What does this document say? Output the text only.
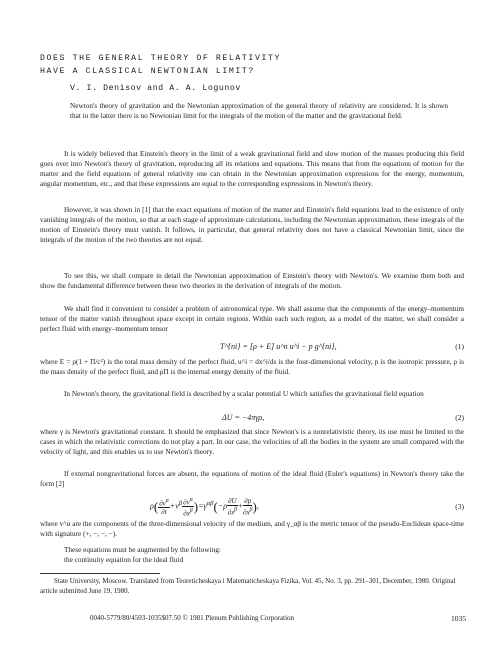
DOES THE GENERAL THEORY OF RELATIVITY
HAVE A CLASSICAL NEWTONIAN LIMIT?
V. I. Denisov and A. A. Logunov

Newton's theory of gravitation and the Newtonian approximation of the general theory of relativity are considered. It is shown that in the latter there is no Newtonian limit for the integrals of the motion of the matter and the gravitational field.

It is widely believed that Einstein's theory in the limit of a weak gravitational field and slow motion of the masses producing this field goes over into Newton's theory of gravitation, reproducing all its relations and equations. This means that from the equations of motion for the matter and the field equations of general relativity one can obtain in the Newtonian approximation expressions for the energy, momentum, angular momentum, etc., and that these expressions are equal to the corresponding expressions in Newton's theory.

However, it was shown in [1] that the exact equations of motion of the matter and Einstein's field equations lead to the existence of only vanishing integrals of the motion, so that at each stage of approximate calculations, including the Newtonian approximation, these integrals of the motion of Einstein's theory must vanish. It follows, in particular, that general relativity does not have a classical Newtonian limit, since the integrals of the motion of the two theories are not equal.

To see this, we shall compare in detail the Newtonian approximation of Einstein's theory with Newton's. We examine them both and show the fundamental difference between these two theories in the derivation of integrals of the motion.

We shall find it convenient to consider a problem of astronomical type. We shall assume that the components of the energy–momentum tensor of the matter vanish throughout space except in certain regions. Within each such region, as a model of the matter, we shall consider a perfect fluid with energy–momentum tensor

T^{ni} = [ρ + E] u^n u^i − p g^{ni},	(1)

where E = ρ(1 + Π/c²) is the total mass density of the perfect fluid, u^i = dx^i/ds is the four-dimensional velocity, p is the isotropic pressure, ρ is the mass density of the perfect fluid, and ρΠ is the internal energy density of the fluid.

In Newton's theory, the gravitational field is described by a scalar potential U which satisfies the gravitational field equation

ΔU = −4πγρ,	(2)

where γ is Newton's gravitational constant. It should be emphasized that since Newton's is a nonrelativistic theory, its use must be limited to the cases in which the relativistic corrections do not play a part. In our case, the velocities of all the bodies in the system are small compared with the velocity of light, and this enables us to use Newton's theory.

If external nongravitational forces are absent, the equations of motion of the ideal fluid (Euler's equations) in Newton's theory take the form [2]

$\rho( \frac{\partial v^\alpha}{\partial t} +v^\beta \frac{\partial v^\alpha}{\partial x^\beta} )=\gamma^{\alpha\beta}(-\rho \frac{\partial U}{\partial x^\beta} + \frac{\partial p}{\partial x^\beta}$ ),	(3)

where v^α are the components of the three-dimensional velocity of the medium, and γ_αβ is the metric tensor of the pseudo-Euclidean space-time with signature (+, −, −, −).

These equations must be augmented by the following:

the continuity equation for the ideal fluid

State University, Moscow. Translated from Teoreticheskaya i Matematicheskaya Fizika, Vol. 45, No. 3, pp. 291–301, December, 1980. Original article submitted June 19, 1980.

0040-5779/80/4503-1035$07.50 © 1981 Plenum Publishing Corporation	1035
